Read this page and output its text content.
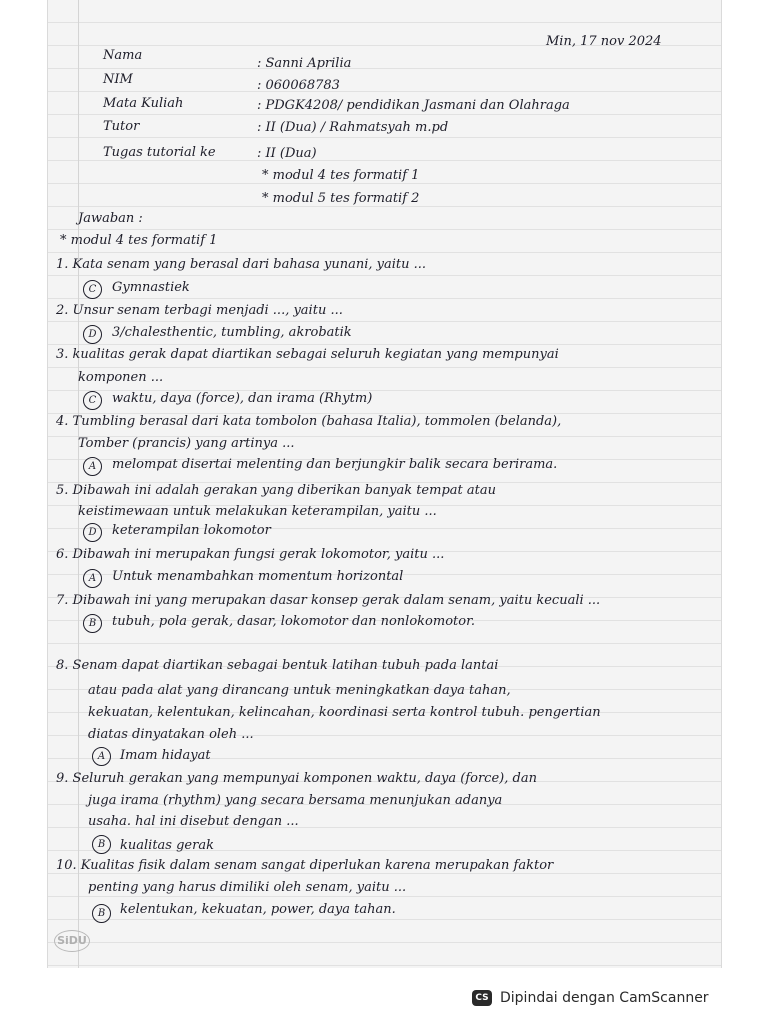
Min, 17 nov 2024
Nama
: Sanni Aprilia
NIM	: 060068783
Mata Kuliah	: PDGK4208/ pendidikan Jasmani dan Olahraga
Tutor	: II (Dua) / Rahmatsyah m.pd
Tugas tutorial ke	: II (Dua)
* modul 4 tes formatif 1
* modul 5 tes formatif 2
Jawaban :
* modul 4 tes formatif 1
1. Kata senam yang berasal dari bahasa yunani, yaitu ...
C	Gymnastiek
2. Unsur senam terbagi menjadi ..., yaitu ...
D	3/chalesthentic, tumbling, akrobatik
3. kualitas gerak dapat diartikan sebagai seluruh kegiatan yang mempunyai
komponen ...
C	waktu, daya (force), dan irama (Rhytm)
4. Tumbling berasal dari kata tombolon (bahasa Italia), tommolen (belanda),
Tomber (prancis) yang artinya ...
A	melompat disertai melenting dan berjungkir balik secara berirama.
5. Dibawah ini adalah gerakan yang diberikan banyak tempat atau
keistimewaan untuk melakukan keterampilan, yaitu ...
D	keterampilan lokomotor
6. Dibawah ini merupakan fungsi gerak lokomotor, yaitu ...
A	Untuk menambahkan momentum horizontal
7. Dibawah ini yang merupakan dasar konsep gerak dalam senam, yaitu kecuali ...
B	tubuh, pola gerak, dasar, lokomotor dan nonlokomotor.
8. Senam dapat diartikan sebagai bentuk latihan tubuh pada lantai
atau pada alat yang dirancang untuk meningkatkan daya tahan,
kekuatan, kelentukan, kelincahan, koordinasi serta kontrol tubuh. pengertian
diatas dinyatakan oleh ...
A	Imam hidayat
9. Seluruh gerakan yang mempunyai komponen waktu, daya (force), dan
juga irama (rhythm) yang secara bersama menunjukan adanya
usaha. hal ini disebut dengan ...
B	kualitas gerak
10. Kualitas fisik dalam senam sangat diperlukan karena merupakan faktor
penting yang harus dimiliki oleh senam, yaitu ...
B	kelentukan, kekuatan, power, daya tahan.
SiDU
CS Dipindai dengan CamScanner
